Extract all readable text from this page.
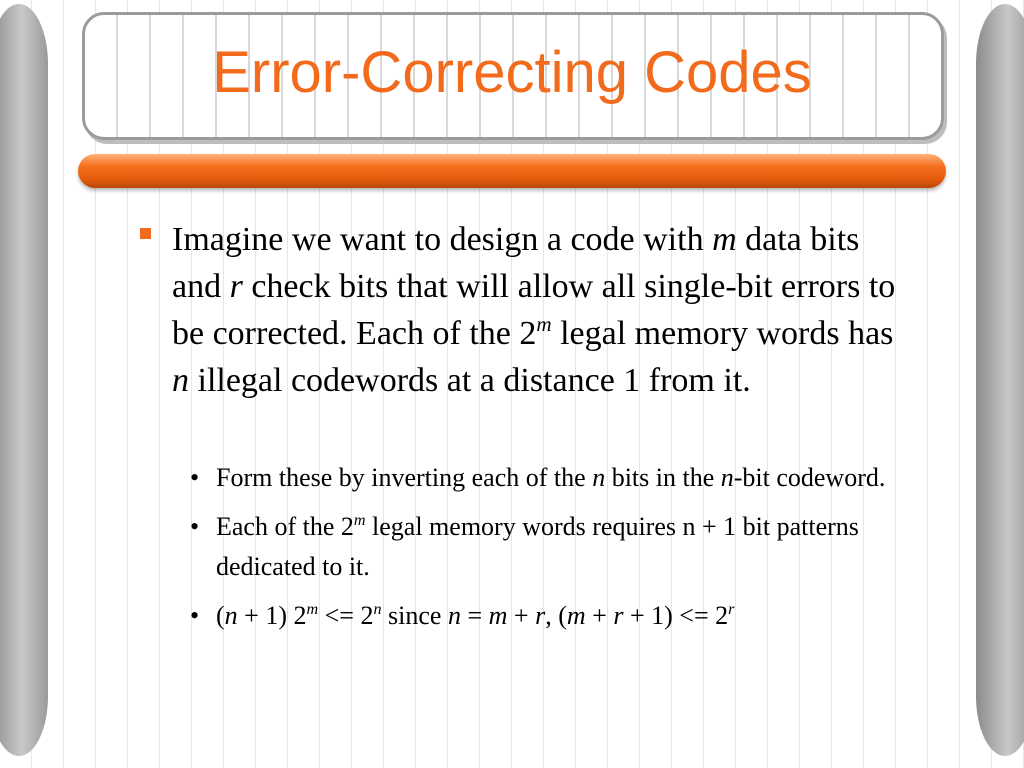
Error-Correcting Codes

Imagine we want to design a code with m data bits and r check bits that will allow all single-bit errors to be corrected. Each of the 2$^m$ legal memory words has n illegal codewords at a distance 1 from it.

• Form these by inverting each of the n bits in the n-bit codeword.
• Each of the 2$^m$ legal memory words requires n + 1 bit patterns dedicated to it.
• (n + 1) $2^m <= 2^n$ since n = m + r, $(m + r + 1) <= 2^r$
